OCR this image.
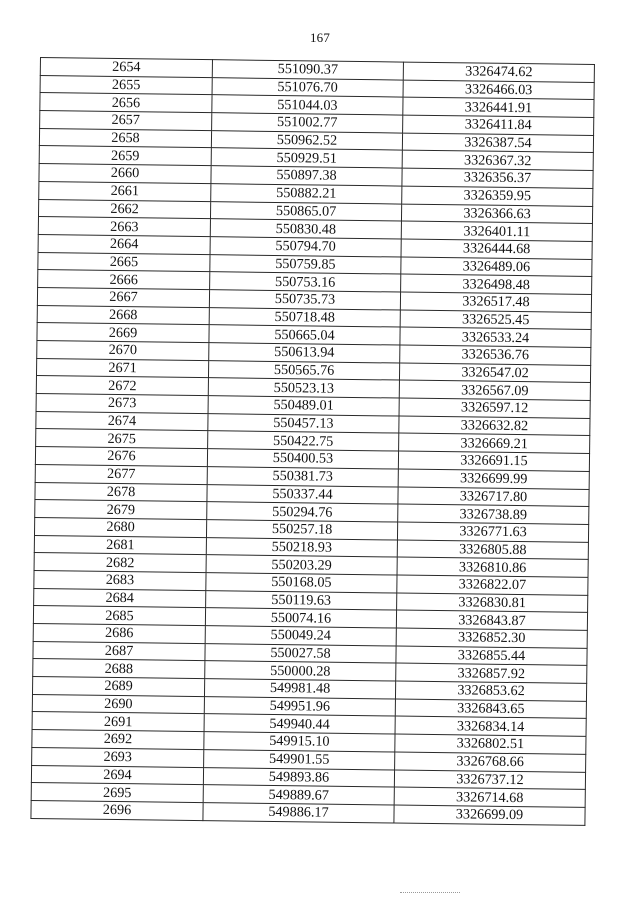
167
2654	551090.37	3326474.62
2655	551076.70	3326466.03
2656	551044.03	3326441.91
2657	551002.77	3326411.84
2658	550962.52	3326387.54
2659	550929.51	3326367.32
2660	550897.38	3326356.37
2661	550882.21	3326359.95
2662	550865.07	3326366.63
2663	550830.48	3326401.11
2664	550794.70	3326444.68
2665	550759.85	3326489.06
2666	550753.16	3326498.48
2667	550735.73	3326517.48
2668	550718.48	3326525.45
2669	550665.04	3326533.24
2670	550613.94	3326536.76
2671	550565.76	3326547.02
2672	550523.13	3326567.09
2673	550489.01	3326597.12
2674	550457.13	3326632.82
2675	550422.75	3326669.21
2676	550400.53	3326691.15
2677	550381.73	3326699.99
2678	550337.44	3326717.80
2679	550294.76	3326738.89
2680	550257.18	3326771.63
2681	550218.93	3326805.88
2682	550203.29	3326810.86
2683	550168.05	3326822.07
2684	550119.63	3326830.81
2685	550074.16	3326843.87
2686	550049.24	3326852.30
2687	550027.58	3326855.44
2688	550000.28	3326857.92
2689	549981.48	3326853.62
2690	549951.96	3326843.65
2691	549940.44	3326834.14
2692	549915.10	3326802.51
2693	549901.55	3326768.66
2694	549893.86	3326737.12
2695	549889.67	3326714.68
2696	549886.17	3326699.09
